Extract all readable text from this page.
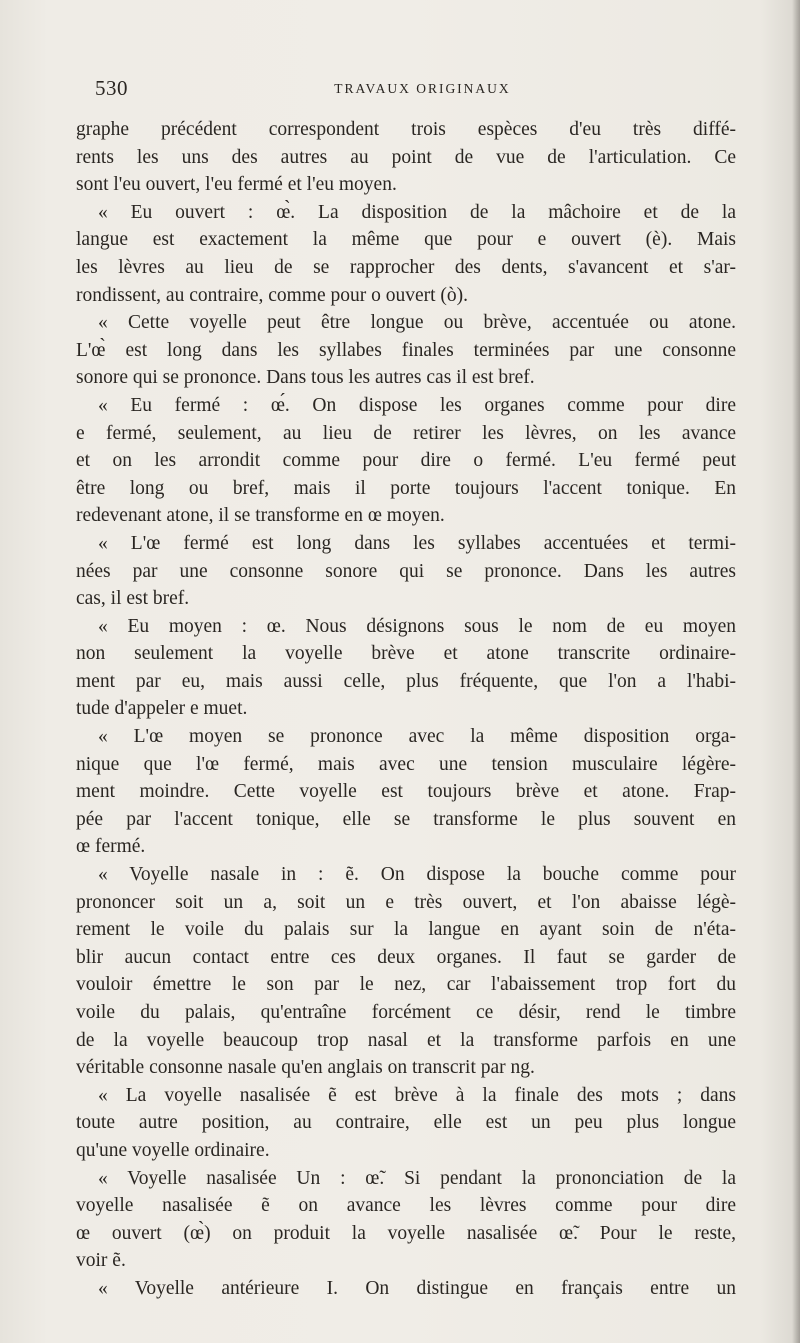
530	TRAVAUX ORIGINAUX
graphe précédent correspondent trois espèces d'eu très diffé-
rents les uns des autres au point de vue de l'articulation. Ce
sont l'eu ouvert, l'eu fermé et l'eu moyen.
« Eu ouvert : œ̀. La disposition de la mâchoire et de la
langue est exactement la même que pour e ouvert (è). Mais
les lèvres au lieu de se rapprocher des dents, s'avancent et s'ar-
rondissent, au contraire, comme pour o ouvert (ò).
« Cette voyelle peut être longue ou brève, accentuée ou atone.
L'œ̀ est long dans les syllabes finales terminées par une consonne
sonore qui se prononce. Dans tous les autres cas il est bref.
« Eu fermé : œ́. On dispose les organes comme pour dire
e fermé, seulement, au lieu de retirer les lèvres, on les avance
et on les arrondit comme pour dire o fermé. L'eu fermé peut
être long ou bref, mais il porte toujours l'accent tonique. En
redevenant atone, il se transforme en œ moyen.
« L'œ fermé est long dans les syllabes accentuées et termi-
nées par une consonne sonore qui se prononce. Dans les autres
cas, il est bref.
« Eu moyen : œ. Nous désignons sous le nom de eu moyen
non seulement la voyelle brève et atone transcrite ordinaire-
ment par eu, mais aussi celle, plus fréquente, que l'on a l'habi-
tude d'appeler e muet.
« L'œ moyen se prononce avec la même disposition orga-
nique que l'œ fermé, mais avec une tension musculaire légère-
ment moindre. Cette voyelle est toujours brève et atone. Frap-
pée par l'accent tonique, elle se transforme le plus souvent en
œ fermé.
« Voyelle nasale in : ẽ. On dispose la bouche comme pour
prononcer soit un a, soit un e très ouvert, et l'on abaisse légè-
rement le voile du palais sur la langue en ayant soin de n'éta-
blir aucun contact entre ces deux organes. Il faut se garder de
vouloir émettre le son par le nez, car l'abaissement trop fort du
voile du palais, qu'entraîne forcément ce désir, rend le timbre
de la voyelle beaucoup trop nasal et la transforme parfois en une
véritable consonne nasale qu'en anglais on transcrit par ng.
« La voyelle nasalisée ẽ est brève à la finale des mots ; dans
toute autre position, au contraire, elle est un peu plus longue
qu'une voyelle ordinaire.
« Voyelle nasalisée Un : œ̃. Si pendant la prononciation de la
voyelle nasalisée ẽ on avance les lèvres comme pour dire
œ ouvert (œ̀) on produit la voyelle nasalisée œ̃. Pour le reste,
voir ẽ.
« Voyelle antérieure I. On distingue en français entre un
